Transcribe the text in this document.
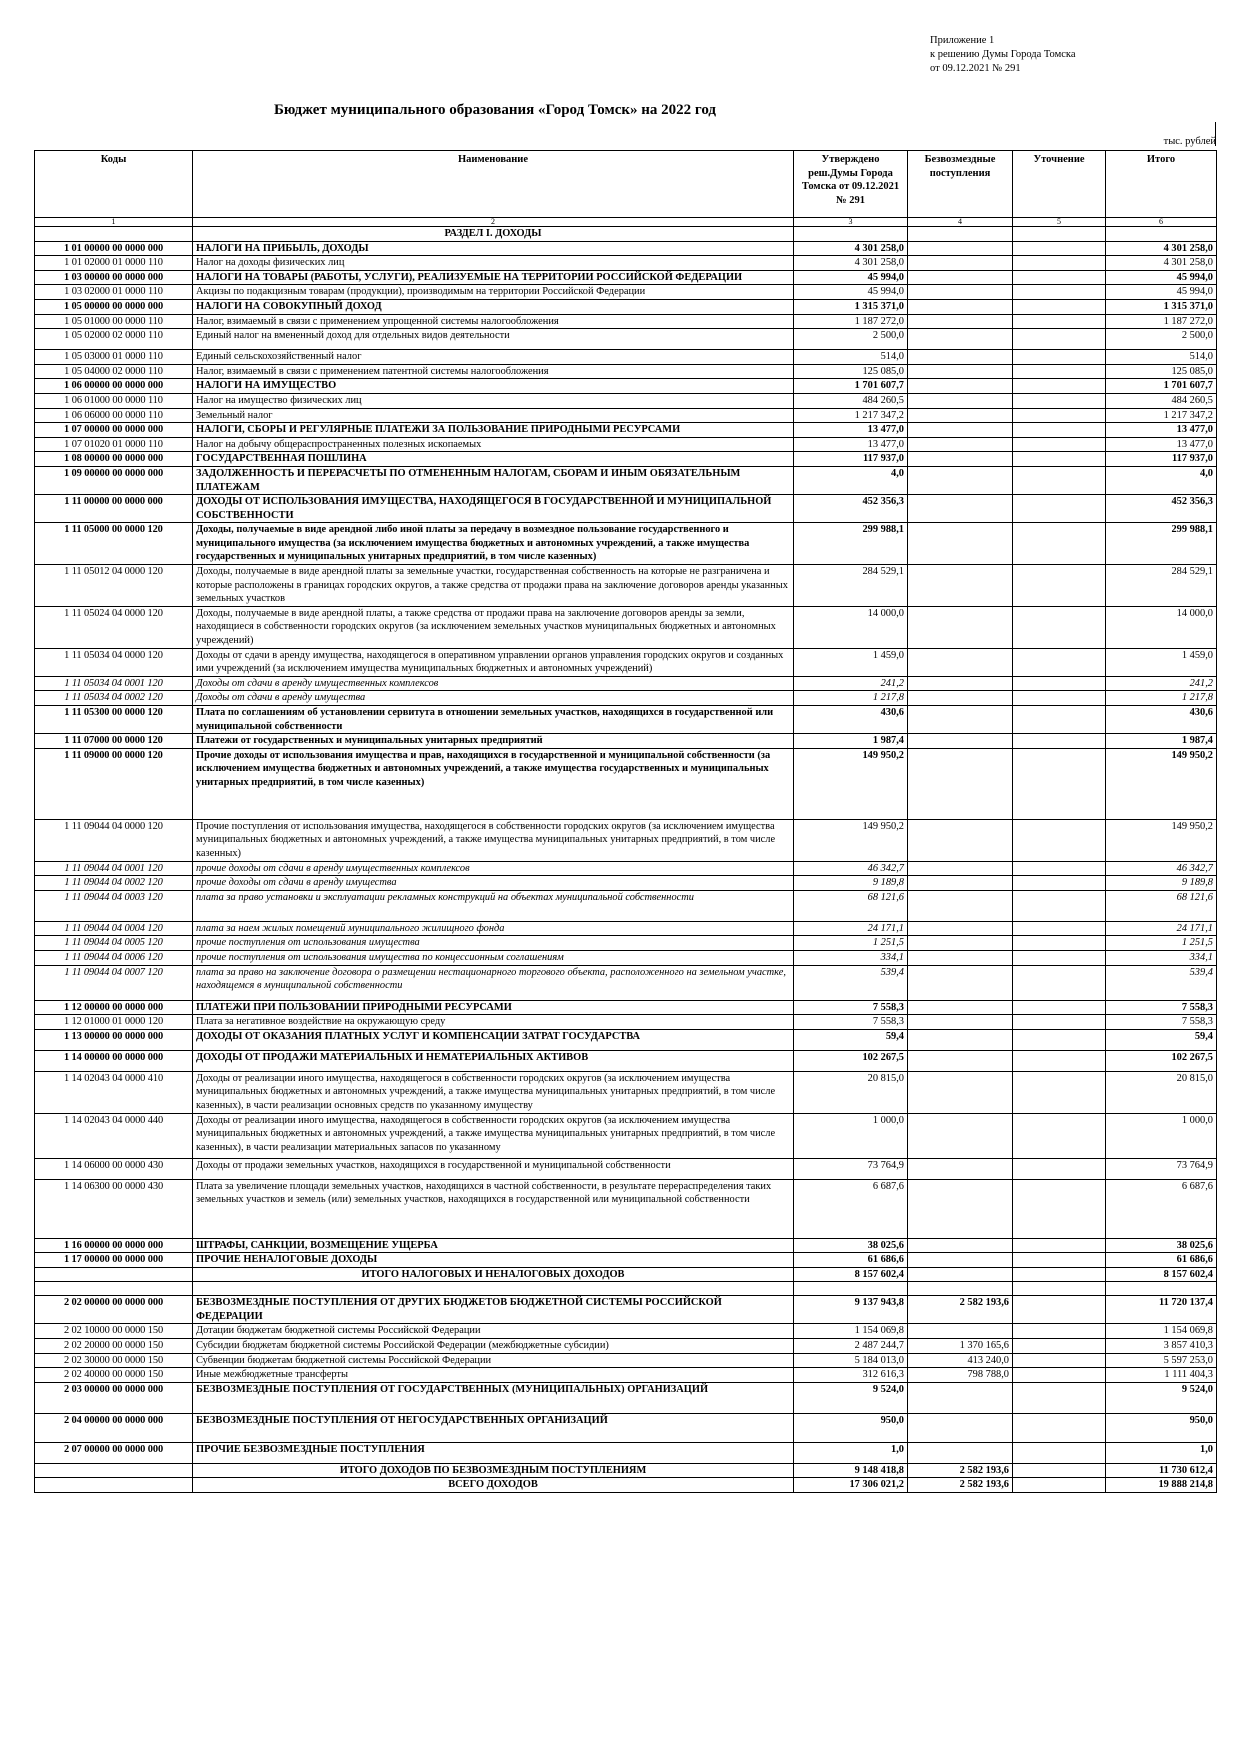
Приложение 1
к решению Думы Города Томска
от 09.12.2021 № 291
Бюджет муниципального образования «Город Томск» на 2022 год
тыс. рублей
Коды	Наименование	Утверждено реш.Думы Города Томска от 09.12.2021 № 291	Безвозмездные поступления	Уточнение	Итого
1	2	3	4	5	6
	РАЗДЕЛ I. ДОХОДЫ				
1 01 00000 00 0000 000	НАЛОГИ НА ПРИБЫЛЬ, ДОХОДЫ	4 301 258,0			4 301 258,0
1 01 02000 01 0000 110	Налог на доходы физических лиц	4 301 258,0			4 301 258,0
1 03 00000 00 0000 000	НАЛОГИ НА ТОВАРЫ (РАБОТЫ, УСЛУГИ), РЕАЛИЗУЕМЫЕ НА ТЕРРИТОРИИ РОССИЙСКОЙ ФЕДЕРАЦИИ	45 994,0			45 994,0
1 03 02000 01 0000 110	Акцизы по подакцизным товарам (продукции), производимым на территории Российской Федерации	45 994,0			45 994,0
1 05 00000 00 0000 000	НАЛОГИ НА СОВОКУПНЫЙ ДОХОД	1 315 371,0			1 315 371,0
1 05 01000 00 0000 110	Налог, взимаемый в связи с применением упрощенной системы налогообложения	1 187 272,0			1 187 272,0
1 05 02000 02 0000 110	Единый налог на вмененный доход для отдельных видов деятельности	2 500,0			2 500,0
1 05 03000 01 0000 110	Единый сельскохозяйственный налог	514,0			514,0
1 05 04000 02 0000 110	Налог, взимаемый в связи с применением патентной системы налогообложения	125 085,0			125 085,0
1 06 00000 00 0000 000	НАЛОГИ НА ИМУЩЕСТВО	1 701 607,7			1 701 607,7
1 06 01000 00 0000 110	Налог на имущество физических лиц	484 260,5			484 260,5
1 06 06000 00 0000 110	Земельный налог	1 217 347,2			1 217 347,2
1 07 00000 00 0000 000	НАЛОГИ, СБОРЫ И РЕГУЛЯРНЫЕ ПЛАТЕЖИ ЗА ПОЛЬЗОВАНИЕ ПРИРОДНЫМИ РЕСУРСАМИ	13 477,0			13 477,0
1 07 01020 01 0000 110	Налог на добычу общераспространенных полезных ископаемых	13 477,0			13 477,0
1 08 00000 00 0000 000	ГОСУДАРСТВЕННАЯ ПОШЛИНА	117 937,0			117 937,0
1 09 00000 00 0000 000	ЗАДОЛЖЕННОСТЬ И ПЕРЕРАСЧЕТЫ ПО ОТМЕНЕННЫМ НАЛОГАМ, СБОРАМ И ИНЫМ ОБЯЗАТЕЛЬНЫМ ПЛАТЕЖАМ	4,0			4,0
1 11 00000 00 0000 000	ДОХОДЫ ОТ ИСПОЛЬЗОВАНИЯ ИМУЩЕСТВА, НАХОДЯЩЕГОСЯ В ГОСУДАРСТВЕННОЙ И МУНИЦИПАЛЬНОЙ СОБСТВЕННОСТИ	452 356,3			452 356,3
1 11 05000 00 0000 120	Доходы, получаемые в виде арендной либо иной платы за передачу в возмездное пользование государственного и муниципального имущества (за исключением имущества бюджетных и автономных учреждений, а также имущества государственных и муниципальных унитарных предприятий, в том числе казенных)	299 988,1			299 988,1
1 11 05012 04 0000 120	Доходы, получаемые в виде арендной платы за земельные участки, государственная собственность на которые не разграничена и которые расположены в границах городских округов, а также средства от продажи права на заключение договоров аренды указанных земельных участков	284 529,1			284 529,1
1 11 05024 04 0000 120	Доходы, получаемые в виде арендной платы, а также средства от продажи права на заключение договоров аренды за земли, находящиеся в собственности городских округов (за исключением земельных участков муниципальных бюджетных и автономных учреждений)	14 000,0			14 000,0
1 11 05034 04 0000 120	Доходы от сдачи в аренду имущества, находящегося в оперативном управлении органов управления городских округов и созданных ими учреждений (за исключением имущества муниципальных бюджетных и автономных учреждений)	1 459,0			1 459,0
1 11 05034 04 0001 120	Доходы от сдачи в аренду имущественных комплексов	241,2			241,2
1 11 05034 04 0002 120	Доходы от сдачи в аренду имущества	1 217,8			1 217,8
1 11 05300 00 0000 120	Плата по соглашениям об установлении сервитута в отношении земельных участков, находящихся в государственной или муниципальной собственности	430,6			430,6
1 11 07000 00 0000 120	Платежи от государственных и муниципальных унитарных предприятий	1 987,4			1 987,4
1 11 09000 00 0000 120	Прочие доходы от использования имущества и прав, находящихся в государственной и муниципальной собственности (за исключением имущества бюджетных и автономных учреждений, а также имущества государственных и муниципальных унитарных предприятий, в том числе казенных)	149 950,2			149 950,2
1 11 09044 04 0000 120	Прочие поступления от использования имущества, находящегося в собственности городских округов (за исключением имущества муниципальных бюджетных и автономных учреждений, а также имущества муниципальных унитарных предприятий, в том числе казенных)	149 950,2			149 950,2
1 11 09044 04 0001 120	прочие доходы от сдачи в аренду имущественных комплексов	46 342,7			46 342,7
1 11 09044 04 0002 120	прочие доходы от сдачи в аренду имущества	9 189,8			9 189,8
1 11 09044 04 0003 120	плата за право установки и эксплуатации рекламных конструкций на объектах муниципальной собственности	68 121,6			68 121,6
1 11 09044 04 0004 120	плата за наем жилых помещений муниципального жилищного фонда	24 171,1			24 171,1
1 11 09044 04 0005 120	прочие поступления от использования имущества	1 251,5			1 251,5
1 11 09044 04 0006 120	прочие поступления от использования имущества по концессионным соглашениям	334,1			334,1
1 11 09044 04 0007 120	плата за право на заключение договора о размещении нестационарного торгового объекта, расположенного на земельном участке, находящемся в муниципальной собственности	539,4			539,4
1 12 00000 00 0000 000	ПЛАТЕЖИ ПРИ ПОЛЬЗОВАНИИ ПРИРОДНЫМИ РЕСУРСАМИ	7 558,3			7 558,3
1 12 01000 01 0000 120	Плата за негативное воздействие на окружающую среду	7 558,3			7 558,3
1 13 00000 00 0000 000	ДОХОДЫ ОТ ОКАЗАНИЯ ПЛАТНЫХ УСЛУГ И КОМПЕНСАЦИИ ЗАТРАТ ГОСУДАРСТВА	59,4			59,4
1 14 00000 00 0000 000	ДОХОДЫ ОТ ПРОДАЖИ МАТЕРИАЛЬНЫХ И НЕМАТЕРИАЛЬНЫХ АКТИВОВ	102 267,5			102 267,5
1 14 02043 04 0000 410	Доходы от реализации иного имущества, находящегося в собственности городских округов (за исключением имущества муниципальных бюджетных и автономных учреждений, а также имущества муниципальных унитарных предприятий, в том числе казенных), в части реализации основных средств по указанному имуществу	20 815,0			20 815,0
1 14 02043 04 0000 440	Доходы от реализации иного имущества, находящегося в собственности городских округов (за исключением имущества муниципальных бюджетных и автономных учреждений, а также имущества муниципальных унитарных предприятий, в том числе казенных), в части реализации материальных запасов по указанному	1 000,0			1 000,0
1 14 06000 00 0000 430	Доходы от продажи земельных участков, находящихся в государственной и муниципальной собственности	73 764,9			73 764,9
1 14 06300 00 0000 430	Плата за увеличение площади земельных участков, находящихся в частной собственности, в результате перераспределения таких земельных участков и земель (или) земельных участков, находящихся в государственной или муниципальной собственности	6 687,6			6 687,6
1 16 00000 00 0000 000	ШТРАФЫ, САНКЦИИ, ВОЗМЕЩЕНИЕ УЩЕРБА	38 025,6			38 025,6
1 17 00000 00 0000 000	ПРОЧИЕ НЕНАЛОГОВЫЕ ДОХОДЫ	61 686,6			61 686,6
	ИТОГО НАЛОГОВЫХ И НЕНАЛОГОВЫХ ДОХОДОВ	8 157 602,4			8 157 602,4

2 02 00000 00 0000 000	БЕЗВОЗМЕЗДНЫЕ ПОСТУПЛЕНИЯ ОТ ДРУГИХ БЮДЖЕТОВ БЮДЖЕТНОЙ СИСТЕМЫ РОССИЙСКОЙ ФЕДЕРАЦИИ	9 137 943,8	2 582 193,6		11 720 137,4
2 02 10000 00 0000 150	Дотации бюджетам бюджетной системы Российской Федерации	1 154 069,8			1 154 069,8
2 02 20000 00 0000 150	Субсидии бюджетам бюджетной системы Российской Федерации (межбюджетные субсидии)	2 487 244,7	1 370 165,6		3 857 410,3
2 02 30000 00 0000 150	Субвенции бюджетам бюджетной системы Российской Федерации	5 184 013,0	413 240,0		5 597 253,0
2 02 40000 00 0000 150	Иные межбюджетные трансферты	312 616,3	798 788,0		1 111 404,3
2 03 00000 00 0000 000	БЕЗВОЗМЕЗДНЫЕ ПОСТУПЛЕНИЯ ОТ ГОСУДАРСТВЕННЫХ (МУНИЦИПАЛЬНЫХ) ОРГАНИЗАЦИЙ	9 524,0			9 524,0
2 04 00000 00 0000 000	БЕЗВОЗМЕЗДНЫЕ ПОСТУПЛЕНИЯ ОТ НЕГОСУДАРСТВЕННЫХ ОРГАНИЗАЦИЙ	950,0			950,0
2 07 00000 00 0000 000	ПРОЧИЕ БЕЗВОЗМЕЗДНЫЕ ПОСТУПЛЕНИЯ	1,0			1,0
	ИТОГО ДОХОДОВ ПО БЕЗВОЗМЕЗДНЫМ ПОСТУПЛЕНИЯМ	9 148 418,8	2 582 193,6		11 730 612,4
	ВСЕГО ДОХОДОВ	17 306 021,2	2 582 193,6		19 888 214,8
